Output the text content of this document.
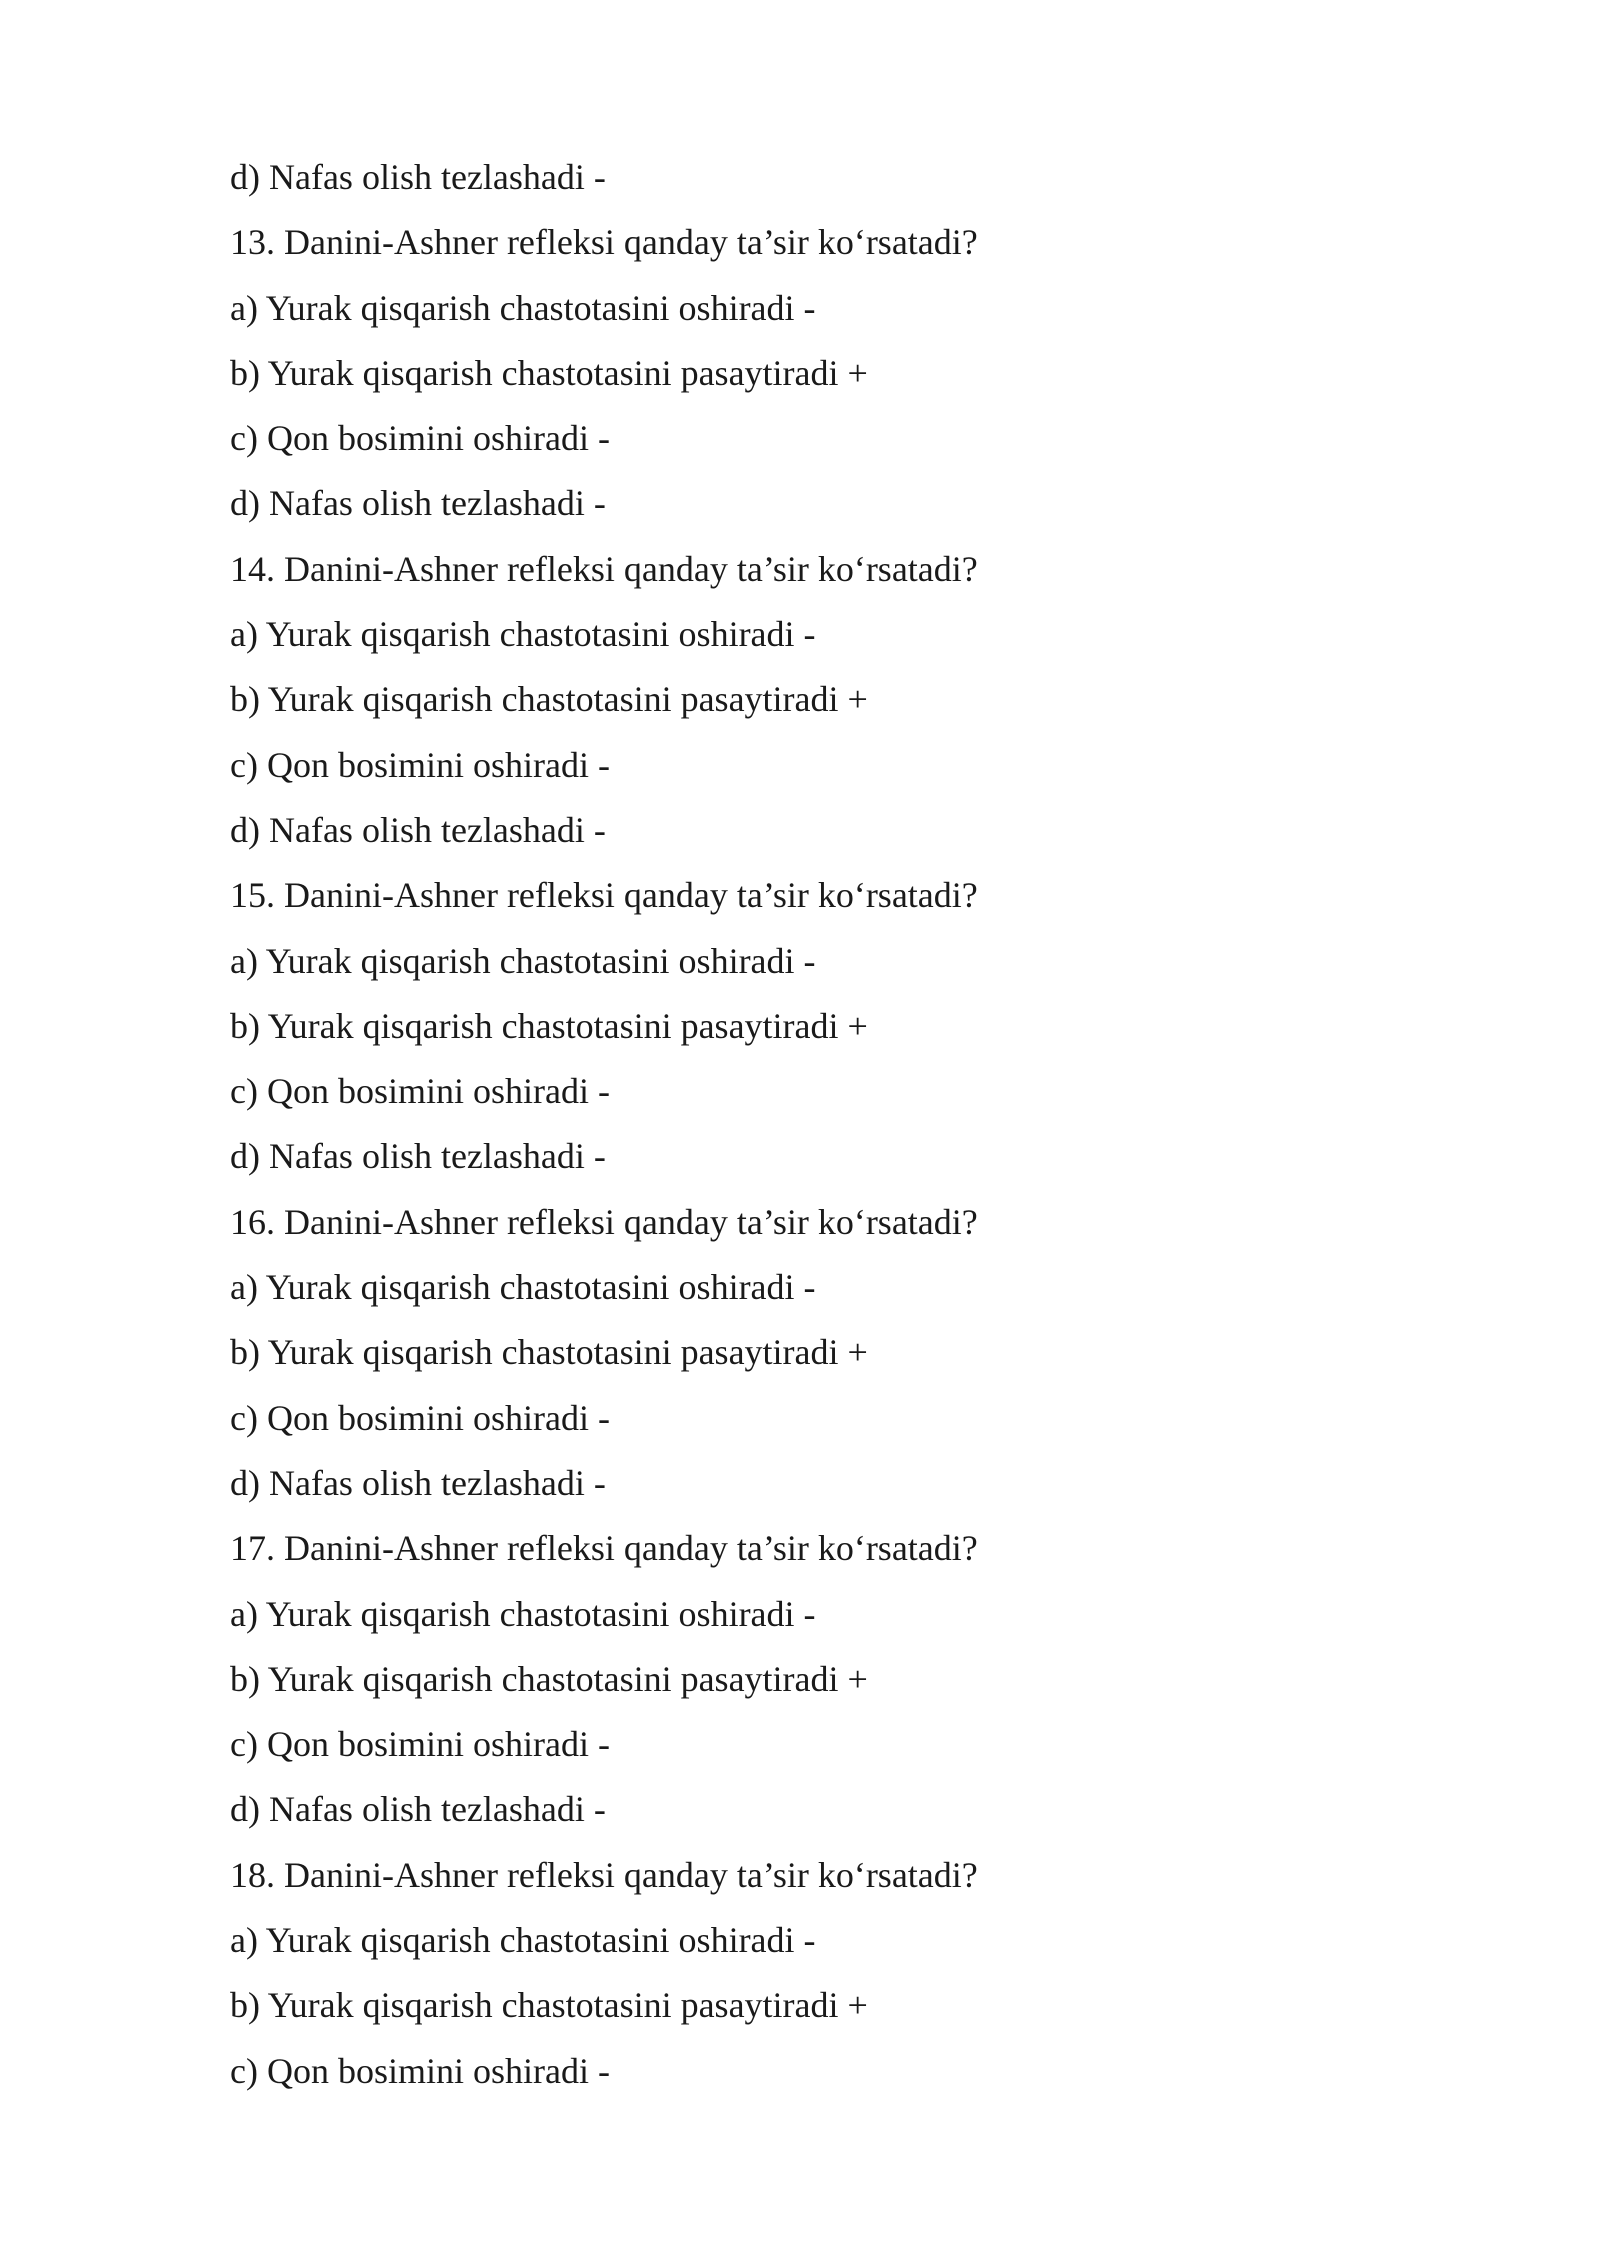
d) Nafas olish tezlashadi -
13. Danini-Ashner refleksi qanday ta’sir ko‘rsatadi?
a) Yurak qisqarish chastotasini oshiradi -
b) Yurak qisqarish chastotasini pasaytiradi +
c) Qon bosimini oshiradi -
d) Nafas olish tezlashadi -
14. Danini-Ashner refleksi qanday ta’sir ko‘rsatadi?
a) Yurak qisqarish chastotasini oshiradi -
b) Yurak qisqarish chastotasini pasaytiradi +
c) Qon bosimini oshiradi -
d) Nafas olish tezlashadi -
15. Danini-Ashner refleksi qanday ta’sir ko‘rsatadi?
a) Yurak qisqarish chastotasini oshiradi -
b) Yurak qisqarish chastotasini pasaytiradi +
c) Qon bosimini oshiradi -
d) Nafas olish tezlashadi -
16. Danini-Ashner refleksi qanday ta’sir ko‘rsatadi?
a) Yurak qisqarish chastotasini oshiradi -
b) Yurak qisqarish chastotasini pasaytiradi +
c) Qon bosimini oshiradi -
d) Nafas olish tezlashadi -
17. Danini-Ashner refleksi qanday ta’sir ko‘rsatadi?
a) Yurak qisqarish chastotasini oshiradi -
b) Yurak qisqarish chastotasini pasaytiradi +
c) Qon bosimini oshiradi -
d) Nafas olish tezlashadi -
18. Danini-Ashner refleksi qanday ta’sir ko‘rsatadi?
a) Yurak qisqarish chastotasini oshiradi -
b) Yurak qisqarish chastotasini pasaytiradi +
c) Qon bosimini oshiradi -
